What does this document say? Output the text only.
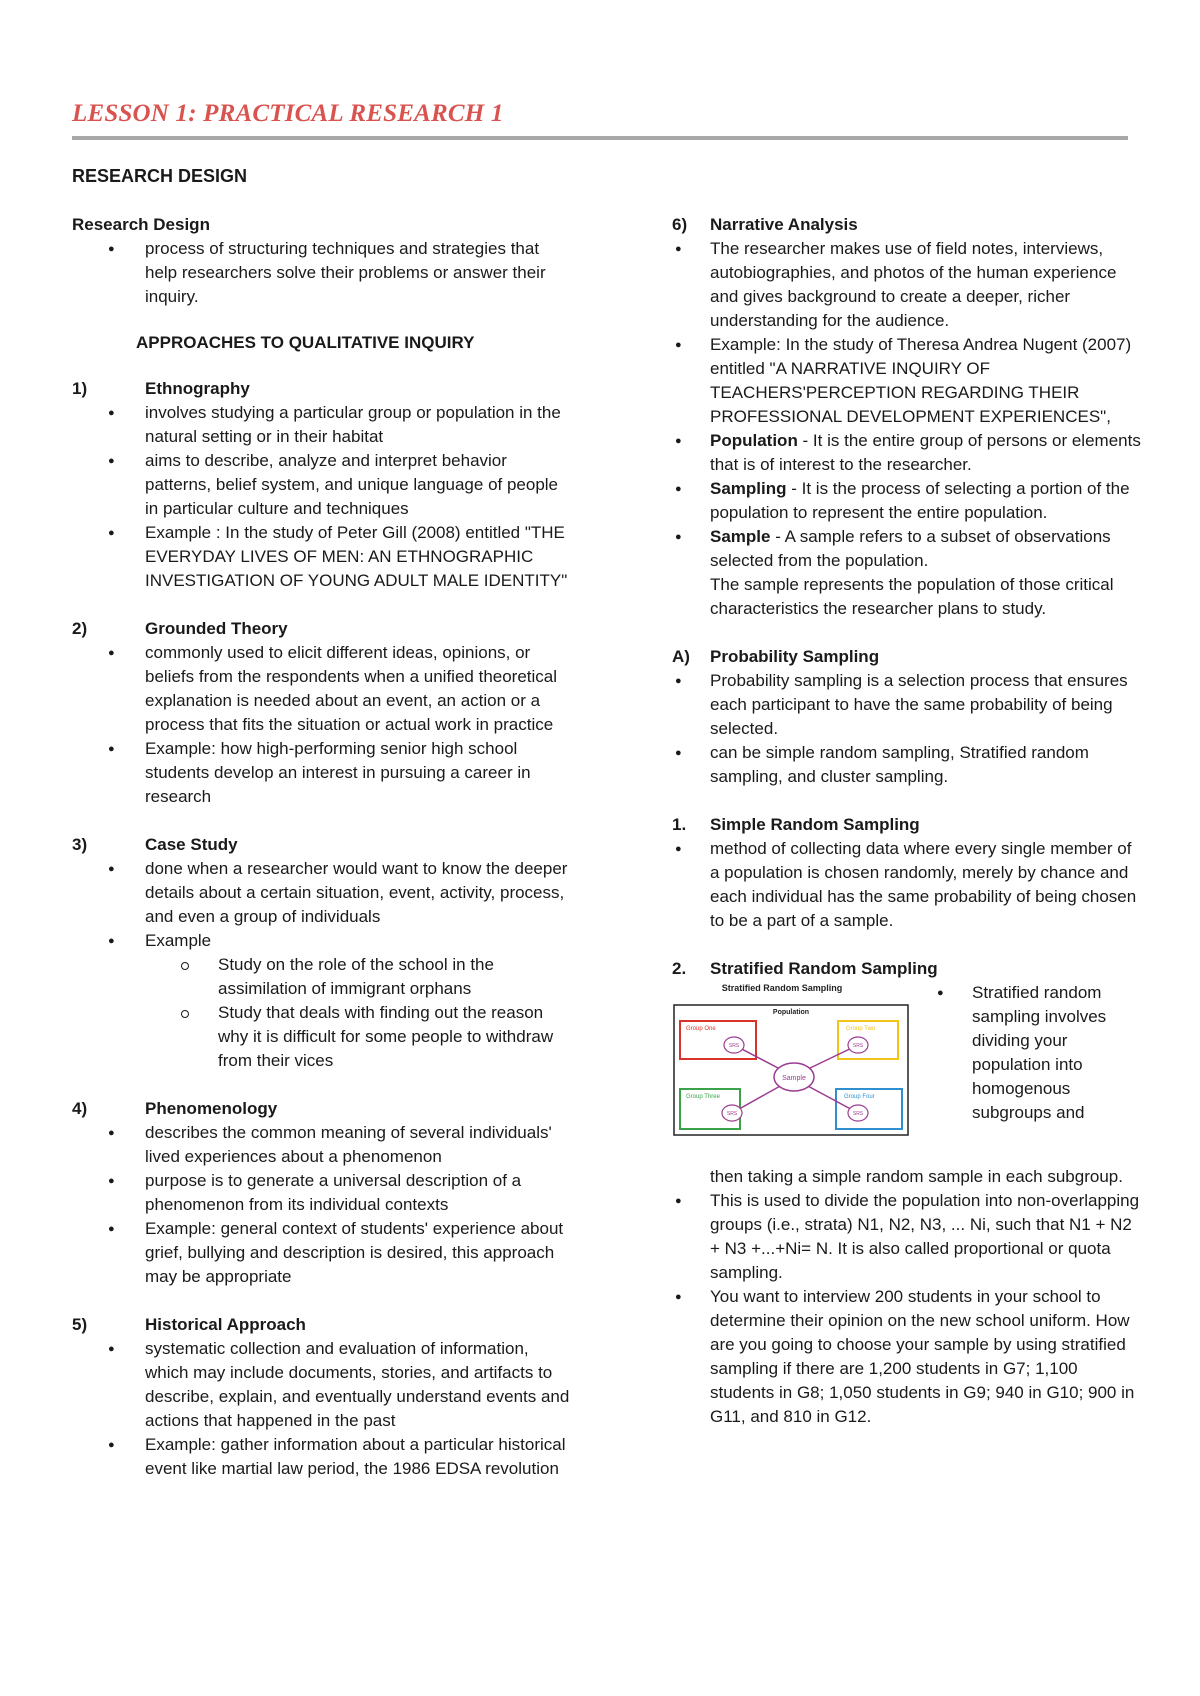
LESSON 1: PRACTICAL RESEARCH 1
RESEARCH DESIGN

Research Design

● process of structuring techniques and strategies that help researchers solve their problems or answer their inquiry.
APPROACHES TO QUALITATIVE INQUIRY
1)	Ethnography
● involves studying a particular group or population in the natural setting or in their habitat
● aims to describe, analyze and interpret behavior patterns, belief system, and unique language of people in particular culture and techniques
● Example : In the study of Peter Gill (2008) entitled "THE EVERYDAY LIVES OF MEN: AN ETHNOGRAPHIC INVESTIGATION OF YOUNG ADULT MALE IDENTITY"
2)	Grounded Theory
● commonly used to elicit different ideas, opinions, or beliefs from the respondents when a unified theoretical explanation is needed about an event, an action or a process that fits the situation or actual work in practice
● Example: how high-performing senior high school students develop an interest in pursuing a career in research
3)	Case Study
● done when a researcher would want to know the deeper details about a certain situation, event, activity, process, and even a group of individuals
● Example
Study on the role of the school in the assimilation of immigrant orphans
Study that deals with finding out the reason why it is difficult for some people to withdraw from their vices
4)	Phenomenology
● describes the common meaning of several individuals' lived experiences about a phenomenon
● purpose is to generate a universal description of a phenomenon from its individual contexts
● Example: general context of students' experience about grief, bullying and description is desired, this approach may be appropriate
5)	Historical Approach
● systematic collection and evaluation of information, which may include documents, stories, and artifacts to describe, explain, and eventually understand events and actions that happened in the past
● Example: gather information about a particular historical event like martial law period, the 1986 EDSA revolution
6)	Narrative Analysis
● The researcher makes use of field notes, interviews, autobiographies, and photos of the human experience and gives background to create a deeper, richer understanding for the audience.
● Example: In the study of Theresa Andrea Nugent (2007) entitled "A NARRATIVE INQUIRY OF TEACHERS'PERCEPTION REGARDING THEIR PROFESSIONAL DEVELOPMENT EXPERIENCES",
● Population - It is the entire group of persons or elements that is of interest to the researcher.
● Sampling - It is the process of selecting a portion of the population to represent the entire population.
● Sample - A sample refers to a subset of observations selected from the population.
The sample represents the population of those critical characteristics the researcher plans to study.
A)	Probability Sampling
● Probability sampling is a selection process that ensures each participant to have the same probability of being selected.
● can be simple random sampling, Stratified random sampling, and cluster sampling.
1.	Simple Random Sampling
● method of collecting data where every single member of a population is chosen randomly, merely by chance and each individual has the same probability of being chosen to be a part of a sample.
2.	Stratified Random Sampling
Stratified Random Sampling
Population
Group One	Group Two
Group Three	Group Four
Sample
SRS	SRS
SRS	SRS
● Stratified random sampling involves dividing your population into homogenous subgroups and
then taking a simple random sample in each subgroup.
● This is used to divide the population into non-overlapping groups (i.e., strata) N1, N2, N3, ... Ni, such that N1 + N2 + N3 +...+Ni= N. It is also called proportional or quota sampling.
● You want to interview 200 students in your school to determine their opinion on the new school uniform. How are you going to choose your sample by using stratified sampling if there are 1,200 students in G7; 1,100 students in G8; 1,050 students in G9; 940 in G10; 900 in G11, and 810 in G12.
